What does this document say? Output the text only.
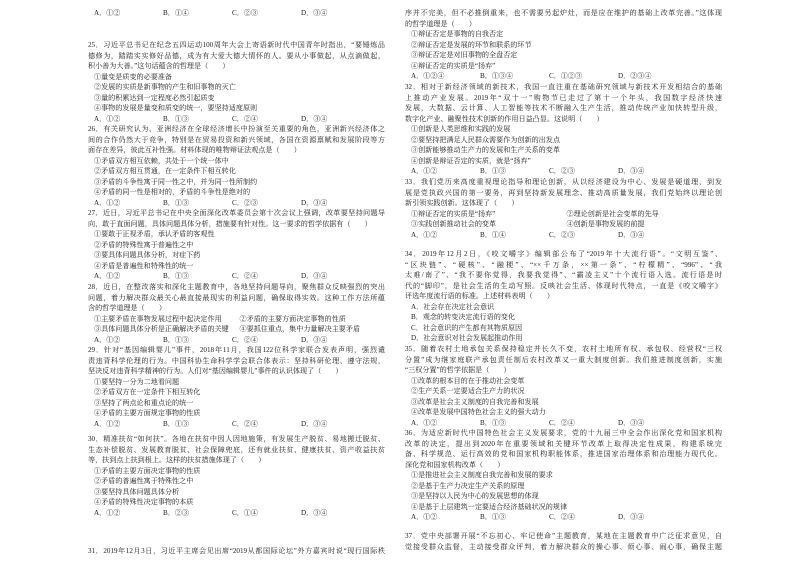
A．①②	B．①④	C．②③	D．③④
25．习近平总书记在纪念五四运动100周年大会上寄语新时代中国青年时指出，“要锤炼品
德修为，踏踏实实修好品德，成为有大爱大德大情怀的人。要从小事做起，从点滴做起，
积小善为大善。”这句话蕴含的哲理是（　　）
①量变是质变的必要准备
②发展的实质是新事物的产生和旧事物的灭亡
③量的积累达到一定程度必然引起质变
④事物的发展是量变和质变的统一，要坚持适度原则
A．①②	B．①③	C．②④	D．③④
26．有关研究认为，亚洲经济在全球经济增长中扮演至关重要的角色，亚洲新兴经济体之
间的合作仍然大于竞争，特别是在贸易投资和新兴领域，各国在资源禀赋和发展阶段等方
面存在差异，彼此互补性强。材料体现的唯物辩证法观点是（　　）
①矛盾双方相互依赖，共处于一个统一体中
②矛盾双方相互贯通，在一定条件下相互转化
③矛盾的斗争性寓于同一性之中，并为同一性所制约
④矛盾的同一性是相对的，矛盾的斗争性是绝对的
A．①②	B．①③	C．②③	D．③④
27．近日，习近平总书记在中央全面深化改革委员会第十次会议上强调，改革要坚持问题导
向，敢于直面问题，具体问题具体分析，措施要有针对性。这一要求的哲学依据有（　　）
①要敢于正视矛盾，承认矛盾的客观性
②矛盾的特殊性寓于普遍性之中
③要具体问题具体分析，对症下药
④矛盾是普遍性和特殊性的统一
A．①②	B．①③	C．②④	D．③④
28．近日，在整改落实和深化主题教育中，各地坚持问题导向，聚焦群众反映强烈的突出
问题，着力解决群众最关心最直接最现实的利益问题，确保取得实效。这种工作方法所蕴
含的哲学道理是（　　）
①主要矛盾在事物发展过程中起决定作用	②矛盾的主要方面决定事物的性质
③具体问题具体分析是正确解决矛盾的关键	④要抓住重点，集中力量解决主要矛盾
A．①②	B．①③	C．②④	D．③④
29．针对“基因编辑婴儿”事件，2018年11月，我国122位科学家联合发表声明，强烈谴
责违背科学伦理的行为。中国科协生命科学学会联合体表示：坚持科研伦理、遵守法规，
坚决反对违背科学精神的行为。人们对“基因编辑婴儿”事件的认识体现了（　　）
①要坚持一分为二地看问题
②矛盾双方在一定条件下相互转化
③坚持了两点论和重点论的统一
④矛盾的主要方面规定事物的性质
A．①②	B．①③	C．②④	D．③④
30．精准扶贫“如何扶”。各地在扶贫中因人因地施策，有发展生产脱贫、易地搬迁脱贫、
生态补偿脱贫、发展教育脱贫、社会保障兜底，还有就业扶贫、健康扶贫、资产收益扶贫
等，扶到点上扶到根上。这样的扶贫措施体现了（　　）
①矛盾的主要方面决定事物的性质
②矛盾的普遍性寓于特殊性之中
③要坚持具体问题具体分析
④矛盾的特殊性决定事物的本质
A．①②	B．②③	C．①④	D．③④
31．2019年12月3日，习近平主席会见出席“2019从都国际论坛”外方嘉宾时说“现行国际秩
序并不完美，但不必推倒重来，也不需要另起炉灶，而是应在维护的基础上改革完善。”这体现
的哲学道理是（　　）
①辩证否定是事物的自我否定
②辩证否定是发展的环节和联系的环节
③辩证否定是对旧事物的全盘否定
④辩证否定的实质是“扬弃”
A．①②④	B．①③④	C．①②③	D．②③④
32．相对于新经济领域的新技术，我国一直注重在基础研究领域与新技术开发相结合的基础
上推动产业发展。2019年“双十一”购物节已走过了第十一个年头，我国数字经济快速
发展，大数据、云计算、人工智能等技术不断融入生产生活，推动传统产业加快转型升级，
数字化产业、融聚性技术创新的作用日益凸显。这说明（　　）
①创新是人类思维和实践的发展
②要坚持把满足人民群众需要作为创新的出发点
③创新能够推动生产力的发展和生产关系的变革
④创新是辩证否定的实质，就是“扬弃”
A．①②	B．①③	C．②③	D．③④
33．我们党历来高度重视理论指导和理论创新，从以经济建设为中心、发展是硬道理，到发
展是党执政兴国的第一要务，再到坚持新发展理念、推动高质量发展，我们党始终以理论创
新引领实践创新。这体现了（　　）
①辩证否定的实质是“扬弃”	②理论创新是社会变革的先导
③实践创新推动社会的变革	④创新是事物发展的前提
A．①②	B．①④	C．②③	D．③④
34．2019年12月2日，《咬文嚼字》编辑部公布了“2019年十大流行语”。“文明互鉴”、
“区块链”、“硬核”、“融梗”、“××千万条，××第一条”、“柠檬精”、“996”、“我
太难/南了”、“我不要你觉得，我要我觉得”、“霸凌主义”十个流行语入选。流行语是时
代的“脚印”，是社会生活的生动写照。反映社会生活、体现时代特点，一直是《咬文嚼字》
评选年度流行语的标准。上述材料表明（　　）
A．社会存在决定社会意识
B．观念的转变决定流行语的变化
C．社会意识的产生都有其物质原因
D．社会意识对社会发展起推动作用
35．随着农村土地承包关系保持稳定并长久不变，农村土地所有权、承包权、经营权“三权
分置”成为继家庭联产承包责任制后农村改革又一重大制度创新。我们推进制度创新，实施
“三权分置”的哲学依据是（　　）
①改革的根本目的在于推动社会变革
②生产关系一定要适合生产力的状况
③改革是社会主义制度的自我完善和发展
④改革是发展中国特色社会主义的强大动力
A．①②	B．①③	C．②④	D．③④
36．为适应新时代中国特色社会主义发展要求，党的十九届三中全会作出深化党和国家机构
改革的决定，提出到2020年在重要领域和关键环节改革上取得决定性成果，构建系统完
备、科学规范、运行高效的党和国家机构职能体系，推进国家治理体系和治理能力现代化。
深化党和国家机构改革（　　）
①是推进社会主义制度自我完善和发展的要求
②是基于生产力决定生产关系的原理
③是坚持以人民为中心的发展思想的体现
④是基于上层建筑一定要适合经济基础状况的规律
A．①②	B．①③	C．②④	D．③④
37．党中央部署开展“不忘初心、牢记使命”主题教育，某地在主题教育中广泛征求意见，自
觉接受群众监督，主动接受群众评判，着力解决群众的操心事、烦心事、闹心事，确保主题
